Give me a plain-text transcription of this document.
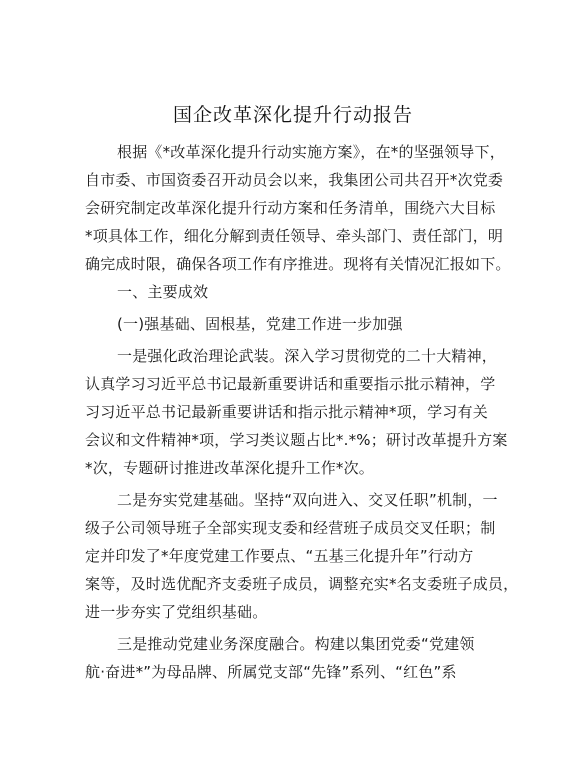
国企改革深化提升行动报告
根据《*改革深化提升行动实施方案》，在*的坚强领导下，
自市委、市国资委召开动员会以来，我集团公司共召开*次党委
会研究制定改革深化提升行动方案和任务清单，围绕六大目标
*项具体工作，细化分解到责任领导、牵头部门、责任部门，明
确完成时限，确保各项工作有序推进。现将有关情况汇报如下。
一、主要成效
(一)强基础、固根基，党建工作进一步加强
一是强化政治理论武装。深入学习贯彻党的二十大精神，
认真学习习近平总书记最新重要讲话和重要指示批示精神，学
习习近平总书记最新重要讲话和指示批示精神*项，学习有关
会议和文件精神*项，学习类议题占比*.*%；研讨改革提升方案
*次，专题研讨推进改革深化提升工作*次。
二是夯实党建基础。坚持“双向进入、交叉任职”机制，一
级子公司领导班子全部实现支委和经营班子成员交叉任职；制
定并印发了*年度党建工作要点、“五基三化提升年”行动方
案等，及时选优配齐支委班子成员，调整充实*名支委班子成员，
进一步夯实了党组织基础。
三是推动党建业务深度融合。构建以集团党委“党建领
航·奋进*”为母品牌、所属党支部“先锋”系列、“红色”系
